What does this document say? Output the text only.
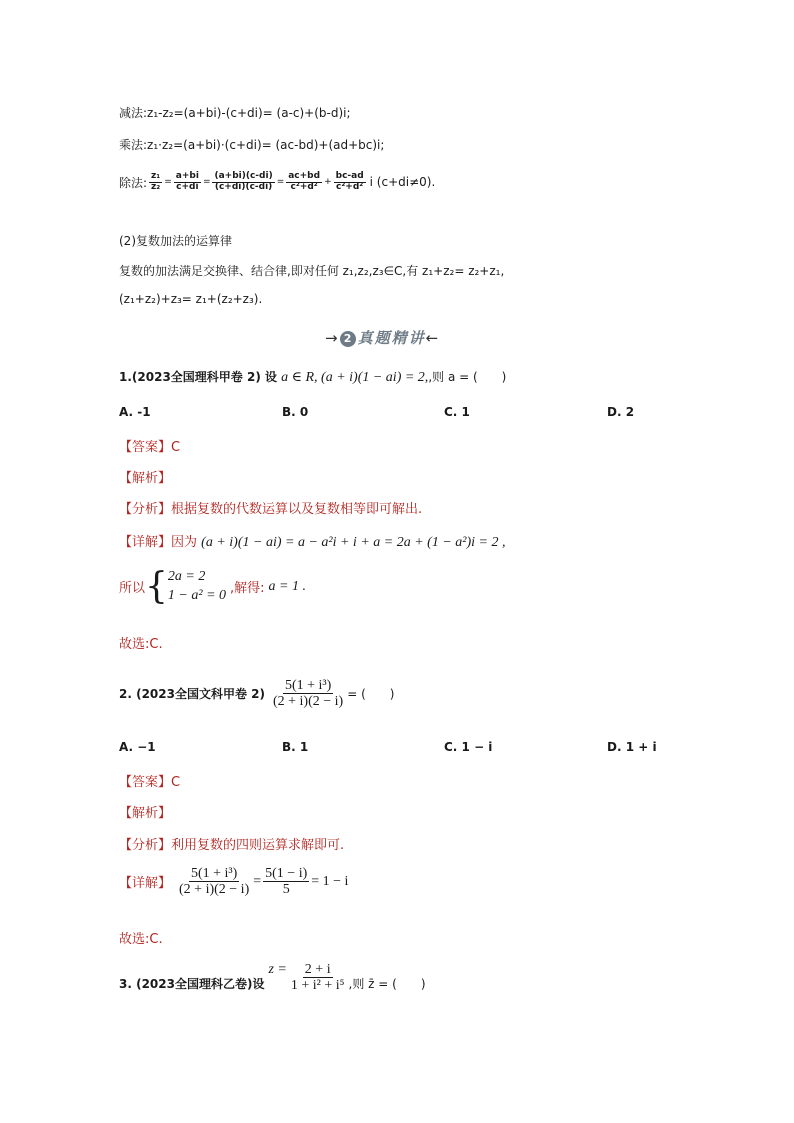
减法:z₁-z₂=(a+bi)-(c+di)= (a-c)+(b-d)i;
乘法:z₁·z₂=(a+bi)·(c+di)= (ac-bd)+(ad+bc)i;
除法: $\frac{\text{z₁}}{\text{z₂}} = \frac{a+bi}{c+di} = \frac{(a+bi)(c-di)}{(c+di)(c-di)} = \frac{ac+bd}{\text{c²+d²}} + \frac{bc-ad}{\text{c²+d²}}$ i (c+di≠0).
(2)复数加法的运算律
复数的加法满足交换律、结合律,即对任何 z₁,z₂,z₃∈C,有 z₁+z₂= z₂+z₁,
(z₁+z₂)+z₃= z₁+(z₂+z₃).
→ 2 真题精讲←
1.(2023全国理科甲卷 2) 设 a ∈ R, (a + i)(1 − ai) = 2,,则 a = (　　)
A. -1	B. 0	C. 1	D. 2
【答案】C
【解析】
【分析】根据复数的代数运算以及复数相等即可解出.
【详解】因为 (a + i)(1 − ai) = a − a²i + i + a = 2a + (1 − a²)i = 2 ,
所以 { 2a = 2
1 − a² = 0 ,解得: a = 1 .
故选:C.
2. (2023全国文科甲卷 $2) \frac{\text{5(1 + i³)}}{(2 + i)(2 - i)}$ = (　　)
A. −1	B. 1	C. 1 − i	D. 1 + i
【答案】C
【解析】
【分析】利用复数的四则运算求解即可.
【详解】 $\frac{\text{5(1 + i³)}}{(2 + i)(2 - i)} = \frac{5(1 - i)}{5} = 1 - i$
故选:C.
3. (2023全国理科乙卷)设
$z = \frac{2 + i}{\text{1 + i² + i⁵}}$ ,则 z̄ = (　　)
